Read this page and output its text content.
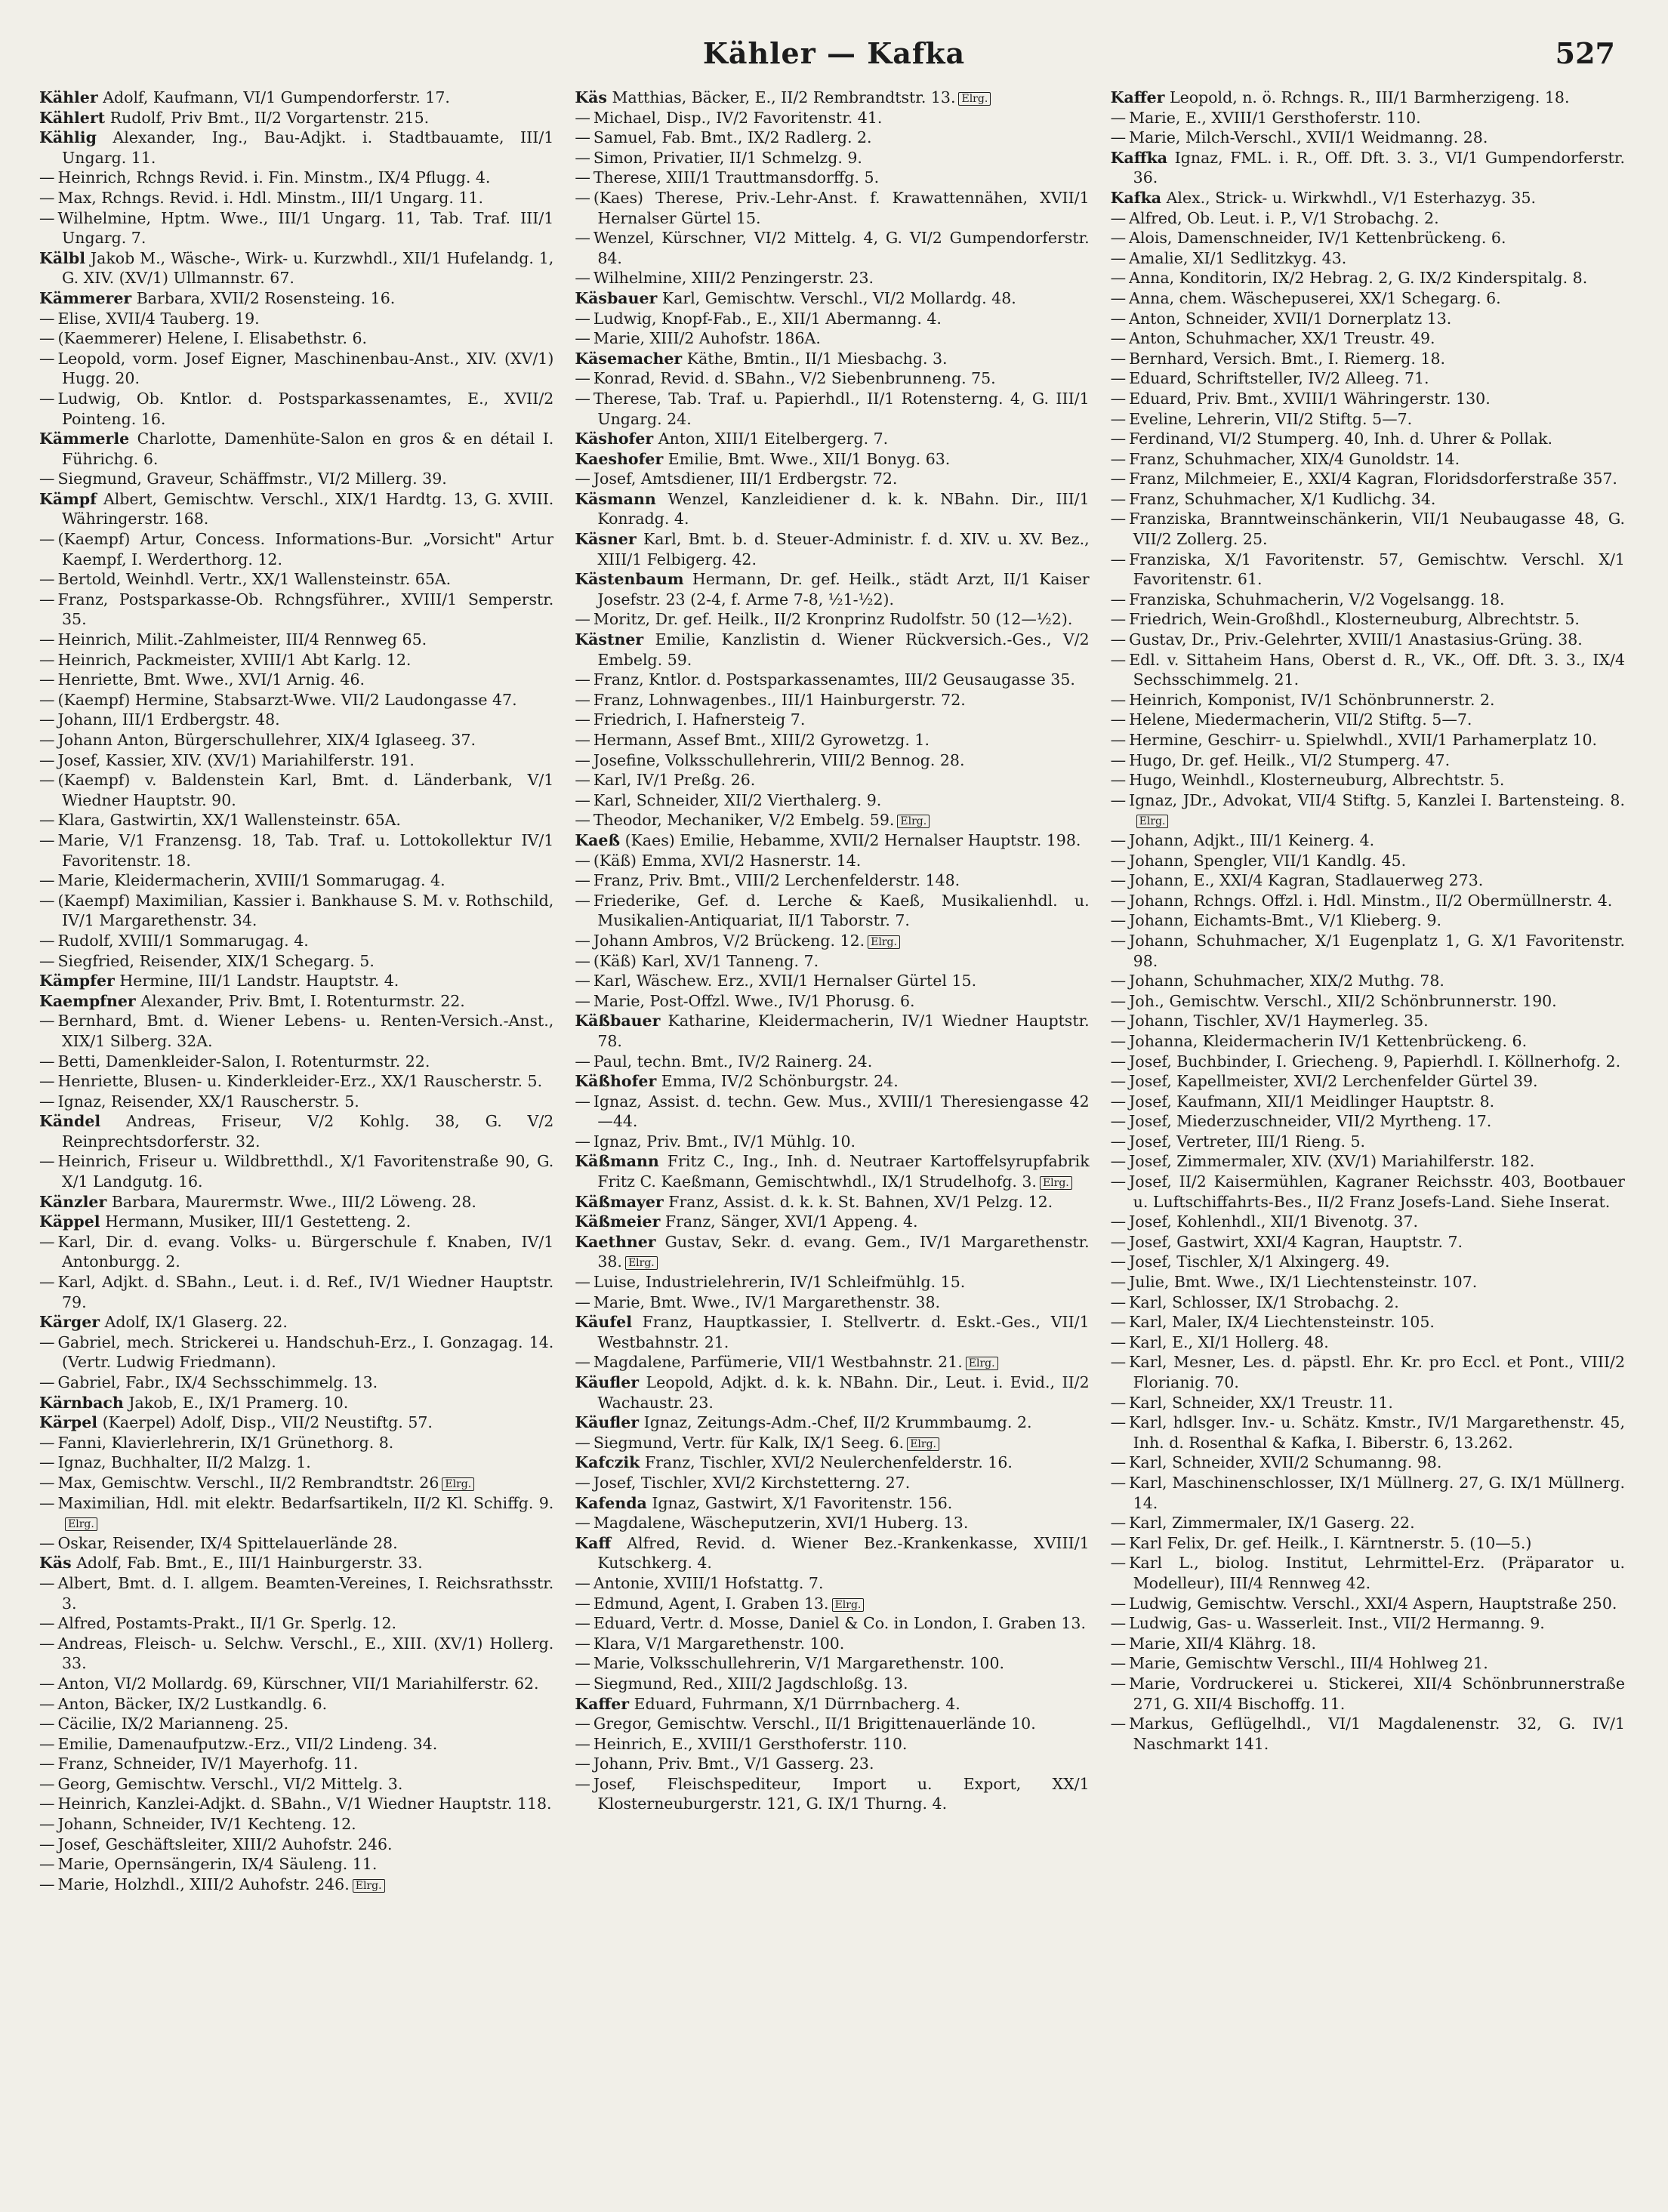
Kähler — Kafka	527
Kähler Adolf, Kaufmann, VI/1 Gumpendorferstr. 17.
Kählert Rudolf, Priv Bmt., II/2 Vorgartenstr. 215.
Kählig Alexander, Ing., Bau-Adjkt. i. Stadtbauamte, III/1 Ungarg. 11.
— Heinrich, Rchngs Revid. i. Fin. Minstm., IX/4 Pflugg. 4.
— Max, Rchngs. Revid. i. Hdl. Minstm., III/1 Ungarg. 11.
— Wilhelmine, Hptm. Wwe., III/1 Ungarg. 11, Tab. Traf. III/1 Ungarg. 7.
Kälbl Jakob M., Wäsche-, Wirk- u. Kurzwhdl., XII/1 Hufelandg. 1, G. XIV. (XV/1) Ullmannstr. 67.
Kämmerer Barbara, XVII/2 Rosensteing. 16.
— Elise, XVII/4 Tauberg. 19.
— (Kaemmerer) Helene, I. Elisabethstr. 6.
— Leopold, vorm. Josef Eigner, Maschinenbau-Anst., XIV. (XV/1) Hugg. 20.
— Ludwig, Ob. Kntlor. d. Postsparkassenamtes, E., XVII/2 Pointeng. 16.
Kämmerle Charlotte, Damenhüte-Salon en gros & en détail I. Führichg. 6.
— Siegmund, Graveur, Schäffmstr., VI/2 Millerg. 39.
Kämpf Albert, Gemischtw. Verschl., XIX/1 Hardtg. 13, G. XVIII. Währingerstr. 168.
— (Kaempf) Artur, Concess. Informations-Bur. „Vorsicht" Artur Kaempf, I. Werderthorg. 12.
— Bertold, Weinhdl. Vertr., XX/1 Wallensteinstr. 65A.
— Franz, Postsparkasse-Ob. Rchngsführer., XVIII/1 Semperstr. 35.
— Heinrich, Milit.-Zahlmeister, III/4 Rennweg 65.
— Heinrich, Packmeister, XVIII/1 Abt Karlg. 12.
— Henriette, Bmt. Wwe., XVI/1 Arnig. 46.
— (Kaempf) Hermine, Stabsarzt-Wwe. VII/2 Laudongasse 47.
— Johann, III/1 Erdbergstr. 48.
— Johann Anton, Bürgerschullehrer, XIX/4 Iglaseeg. 37.
— Josef, Kassier, XIV. (XV/1) Mariahilferstr. 191.
— (Kaempf) v. Baldenstein Karl, Bmt. d. Länderbank, V/1 Wiedner Hauptstr. 90.
— Klara, Gastwirtin, XX/1 Wallensteinstr. 65A.
— Marie, V/1 Franzensg. 18, Tab. Traf. u. Lottokollektur IV/1 Favoritenstr. 18.
— Marie, Kleidermacherin, XVIII/1 Sommarugag. 4.
— (Kaempf) Maximilian, Kassier i. Bankhause S. M. v. Rothschild, IV/1 Margarethenstr. 34.
— Rudolf, XVIII/1 Sommarugag. 4.
— Siegfried, Reisender, XIX/1 Schegarg. 5.
Kämpfer Hermine, III/1 Landstr. Hauptstr. 4.
Kaempfner Alexander, Priv. Bmt, I. Rotenturmstr. 22.
— Bernhard, Bmt. d. Wiener Lebens- u. Renten-Versich.-Anst., XIX/1 Silberg. 32A.
— Betti, Damenkleider-Salon, I. Rotenturmstr. 22.
— Henriette, Blusen- u. Kinderkleider-Erz., XX/1 Rauscherstr. 5.
— Ignaz, Reisender, XX/1 Rauscherstr. 5.
Kändel Andreas, Friseur, V/2 Kohlg. 38, G. V/2 Reinprechtsdorferstr. 32.
— Heinrich, Friseur u. Wildbretthdl., X/1 Favoritenstraße 90, G. X/1 Landgutg. 16.
Känzler Barbara, Maurermstr. Wwe., III/2 Löweng. 28.
Käppel Hermann, Musiker, III/1 Gestetteng. 2.
— Karl, Dir. d. evang. Volks- u. Bürgerschule f. Knaben, IV/1 Antonburgg. 2.
— Karl, Adjkt. d. SBahn., Leut. i. d. Ref., IV/1 Wiedner Hauptstr. 79.
Kärger Adolf, IX/1 Glaserg. 22.
— Gabriel, mech. Strickerei u. Handschuh-Erz., I. Gonzagag. 14. (Vertr. Ludwig Friedmann).
— Gabriel, Fabr., IX/4 Sechsschimmelg. 13.
Kärnbach Jakob, E., IX/1 Pramerg. 10.
Kärpel (Kaerpel) Adolf, Disp., VII/2 Neustiftg. 57.
— Fanni, Klavierlehrerin, IX/1 Grünethorg. 8.
— Ignaz, Buchhalter, II/2 Malzg. 1.
— Max, Gemischtw. Verschl., II/2 Rembrandtstr. 26 Elrg.
— Maximilian, Hdl. mit elektr. Bedarfsartikeln, II/2 Kl. Schiffg. 9.Elrg.
— Oskar, Reisender, IX/4 Spittelauerlände 28.
Käs Adolf, Fab. Bmt., E., III/1 Hainburgerstr. 33.
— Albert, Bmt. d. I. allgem. Beamten-Vereines, I. Reichsrathsstr. 3.
— Alfred, Postamts-Prakt., II/1 Gr. Sperlg. 12.
— Andreas, Fleisch- u. Selchw. Verschl., E., XIII. (XV/1) Hollerg. 33.
— Anton, VI/2 Mollardg. 69, Kürschner, VII/1 Mariahilferstr. 62.
— Anton, Bäcker, IX/2 Lustkandlg. 6.
— Cäcilie, IX/2 Marianneng. 25.
— Emilie, Damenaufputzw.-Erz., VII/2 Lindeng. 34.
— Franz, Schneider, IV/1 Mayerhofg. 11.
— Georg, Gemischtw. Verschl., VI/2 Mittelg. 3.
— Heinrich, Kanzlei-Adjkt. d. SBahn., V/1 Wiedner Hauptstr. 118.
— Johann, Schneider, IV/1 Kechteng. 12.
— Josef, Geschäftsleiter, XIII/2 Auhofstr. 246.
— Marie, Opernsängerin, IX/4 Säuleng. 11.
— Marie, Holzhdl., XIII/2 Auhofstr. 246. Elrg.
Käs Matthias, Bäcker, E., II/2 Rembrandtstr. 13. Elrg.
— Michael, Disp., IV/2 Favoritenstr. 41.
— Samuel, Fab. Bmt., IX/2 Radlerg. 2.
— Simon, Privatier, II/1 Schmelzg. 9.
— Therese, XIII/1 Trauttmansdorffg. 5.
— (Kaes) Therese, Priv.-Lehr-Anst. f. Krawattennähen, XVII/1 Hernalser Gürtel 15.
— Wenzel, Kürschner, VI/2 Mittelg. 4, G. VI/2 Gumpendorferstr. 84.
— Wilhelmine, XIII/2 Penzingerstr. 23.
Käsbauer Karl, Gemischtw. Verschl., VI/2 Mollardg. 48.
— Ludwig, Knopf-Fab., E., XII/1 Abermanng. 4.
— Marie, XIII/2 Auhofstr. 186A.
Käsemacher Käthe, Bmtin., II/1 Miesbachg. 3.
— Konrad, Revid. d. SBahn., V/2 Siebenbrunneng. 75.
— Therese, Tab. Traf. u. Papierhdl., II/1 Rotensterng. 4, G. III/1 Ungarg. 24.
Käshofer Anton, XIII/1 Eitelbergerg. 7.
Kaeshofer Emilie, Bmt. Wwe., XII/1 Bonyg. 63.
— Josef, Amtsdiener, III/1 Erdbergstr. 72.
Käsmann Wenzel, Kanzleidiener d. k. k. NBahn. Dir., III/1 Konradg. 4.
Käsner Karl, Bmt. b. d. Steuer-Administr. f. d. XIV. u. XV. Bez., XIII/1 Felbigerg. 42.
Kästenbaum Hermann, Dr. gef. Heilk., städt Arzt, II/1 Kaiser Josefstr. 23 (2-4, f. Arme 7-8, ½1-½2).
— Moritz, Dr. gef. Heilk., II/2 Kronprinz Rudolfstr. 50 (12—½2).
Kästner Emilie, Kanzlistin d. Wiener Rückversich.-Ges., V/2 Embelg. 59.
— Franz, Kntlor. d. Postsparkassenamtes, III/2 Geusaugasse 35.
— Franz, Lohnwagenbes., III/1 Hainburgerstr. 72.
— Friedrich, I. Hafnersteig 7.
— Hermann, Assef Bmt., XIII/2 Gyrowetzg. 1.
— Josefine, Volksschullehrerin, VIII/2 Bennog. 28.
— Karl, IV/1 Preßg. 26.
— Karl, Schneider, XII/2 Vierthalerg. 9.
— Theodor, Mechaniker, V/2 Embelg. 59. Elrg.
Kaeß (Kaes) Emilie, Hebamme, XVII/2 Hernalser Hauptstr. 198.
— (Käß) Emma, XVI/2 Hasnerstr. 14.
— Franz, Priv. Bmt., VIII/2 Lerchenfelderstr. 148.
— Friederike, Gef. d. Lerche & Kaeß, Musikalienhdl. u. Musikalien-Antiquariat, II/1 Taborstr. 7.
— Johann Ambros, V/2 Brückeng. 12. Elrg.
— (Käß) Karl, XV/1 Tanneng. 7.
— Karl, Wäschew. Erz., XVII/1 Hernalser Gürtel 15.
— Marie, Post-Offzl. Wwe., IV/1 Phorusg. 6.
Käßbauer Katharine, Kleidermacherin, IV/1 Wiedner Hauptstr. 78.
— Paul, techn. Bmt., IV/2 Rainerg. 24.
Käßhofer Emma, IV/2 Schönburgstr. 24.
— Ignaz, Assist. d. techn. Gew. Mus., XVIII/1 Theresiengasse 42—44.
— Ignaz, Priv. Bmt., IV/1 Mühlg. 10.
Käßmann Fritz C., Ing., Inh. d. Neutraer Kartoffelsyrupfabrik Fritz C. Kaeßmann, Gemischtwhdl., IX/1 Strudelhofg. 3. Elrg.
Käßmayer Franz, Assist. d. k. k. St. Bahnen, XV/1 Pelzg. 12.
Käßmeier Franz, Sänger, XVI/1 Appeng. 4.
Kaethner Gustav, Sekr. d. evang. Gem., IV/1 Margarethenstr. 38. Elrg.
— Luise, Industrielehrerin, IV/1 Schleifmühlg. 15.
— Marie, Bmt. Wwe., IV/1 Margarethenstr. 38.
Käufel Franz, Hauptkassier, I. Stellvertr. d. Eskt.-Ges., VII/1 Westbahnstr. 21.
— Magdalene, Parfümerie, VII/1 Westbahnstr. 21. Elrg.
Käufler Leopold, Adjkt. d. k. k. NBahn. Dir., Leut. i. Evid., II/2 Wachaustr. 23.
Käufler Ignaz, Zeitungs-Adm.-Chef, II/2 Krummbaumg. 2.
— Siegmund, Vertr. für Kalk, IX/1 Seeg. 6. Elrg.
Kafczik Franz, Tischler, XVI/2 Neulerchenfelderstr. 16.
— Josef, Tischler, XVI/2 Kirchstetterng. 27.
Kafenda Ignaz, Gastwirt, X/1 Favoritenstr. 156.
— Magdalene, Wäscheputzerin, XVI/1 Huberg. 13.
Kaff Alfred, Revid. d. Wiener Bez.-Krankenkasse, XVIII/1 Kutschkerg. 4.
— Antonie, XVIII/1 Hofstattg. 7.
— Edmund, Agent, I. Graben 13. Elrg.
— Eduard, Vertr. d. Mosse, Daniel & Co. in London, I. Graben 13.
— Klara, V/1 Margarethenstr. 100.
— Marie, Volksschullehrerin, V/1 Margarethenstr. 100.
— Siegmund, Red., XIII/2 Jagdschloßg. 13.
Kaffer Eduard, Fuhrmann, X/1 Dürrnbacherg. 4.
— Gregor, Gemischtw. Verschl., II/1 Brigittenauerlände 10.
— Heinrich, E., XVIII/1 Gersthoferstr. 110.
— Johann, Priv. Bmt., V/1 Gasserg. 23.
— Josef, Fleischspediteur, Import u. Export, XX/1 Klosterneuburgerstr. 121, G. IX/1 Thurng. 4.
Kaffer Leopold, n. ö. Rchngs. R., III/1 Barmherzigeng. 18.
— Marie, E., XVIII/1 Gersthoferstr. 110.
— Marie, Milch-Verschl., XVII/1 Weidmanng. 28.
Kaffka Ignaz, FML. i. R., Off. Dft. 3. 3., VI/1 Gumpendorferstr. 36.
Kafka Alex., Strick- u. Wirkwhdl., V/1 Esterhazyg. 35.
— Alfred, Ob. Leut. i. P., V/1 Strobachg. 2.
— Alois, Damenschneider, IV/1 Kettenbrückeng. 6.
— Amalie, XI/1 Sedlitzkyg. 43.
— Anna, Konditorin, IX/2 Hebrag. 2, G. IX/2 Kinderspitalg. 8.
— Anna, chem. Wäschepuserei, XX/1 Schegarg. 6.
— Anton, Schneider, XVII/1 Dornerplatz 13.
— Anton, Schuhmacher, XX/1 Treustr. 49.
— Bernhard, Versich. Bmt., I. Riemerg. 18.
— Eduard, Schriftsteller, IV/2 Alleeg. 71.
— Eduard, Priv. Bmt., XVIII/1 Währingerstr. 130.
— Eveline, Lehrerin, VII/2 Stiftg. 5—7.
— Ferdinand, VI/2 Stumperg. 40, Inh. d. Uhrer & Pollak.
— Franz, Schuhmacher, XIX/4 Gunoldstr. 14.
— Franz, Milchmeier, E., XXI/4 Kagran, Floridsdorferstraße 357.
— Franz, Schuhmacher, X/1 Kudlichg. 34.
— Franziska, Branntweinschänkerin, VII/1 Neubaugasse 48, G. VII/2 Zollerg. 25.
— Franziska, X/1 Favoritenstr. 57, Gemischtw. Verschl. X/1 Favoritenstr. 61.
— Franziska, Schuhmacherin, V/2 Vogelsangg. 18.
— Friedrich, Wein-Großhdl., Klosterneuburg, Albrechtstr. 5.
— Gustav, Dr., Priv.-Gelehrter, XVIII/1 Anastasius-Grüng. 38.
— Edl. v. Sittaheim Hans, Oberst d. R., VK., Off. Dft. 3. 3., IX/4 Sechsschimmelg. 21.
— Heinrich, Komponist, IV/1 Schönbrunnerstr. 2.
— Helene, Miedermacherin, VII/2 Stiftg. 5—7.
— Hermine, Geschirr- u. Spielwhdl., XVII/1 Parhamerplatz 10.
— Hugo, Dr. gef. Heilk., VI/2 Stumperg. 47.
— Hugo, Weinhdl., Klosterneuburg, Albrechtstr. 5.
— Ignaz, JDr., Advokat, VII/4 Stiftg. 5, Kanzlei I. Bartensteing. 8.Elrg.
— Johann, Adjkt., III/1 Keinerg. 4.
— Johann, Spengler, VII/1 Kandlg. 45.
— Johann, E., XXI/4 Kagran, Stadlauerweg 273.
— Johann, Rchngs. Offzl. i. Hdl. Minstm., II/2 Obermüllnerstr. 4.
— Johann, Eichamts-Bmt., V/1 Klieberg. 9.
— Johann, Schuhmacher, X/1 Eugenplatz 1, G. X/1 Favoritenstr. 98.
— Johann, Schuhmacher, XIX/2 Muthg. 78.
— Joh., Gemischtw. Verschl., XII/2 Schönbrunnerstr. 190.
— Johann, Tischler, XV/1 Haymerleg. 35.
— Johanna, Kleidermacherin IV/1 Kettenbrückeng. 6.
— Josef, Buchbinder, I. Griecheng. 9, Papierhdl. I. Köllnerhofg. 2.
— Josef, Kapellmeister, XVI/2 Lerchenfelder Gürtel 39.
— Josef, Kaufmann, XII/1 Meidlinger Hauptstr. 8.
— Josef, Miederzuschneider, VII/2 Myrtheng. 17.
— Josef, Vertreter, III/1 Rieng. 5.
— Josef, Zimmermaler, XIV. (XV/1) Mariahilferstr. 182.
— Josef, II/2 Kaisermühlen, Kagraner Reichsstr. 403, Bootbauer u. Luftschiffahrts-Bes., II/2 Franz Josefs-Land. Siehe Inserat.
— Josef, Kohlenhdl., XII/1 Bivenotg. 37.
— Josef, Gastwirt, XXI/4 Kagran, Hauptstr. 7.
— Josef, Tischler, X/1 Alxingerg. 49.
— Julie, Bmt. Wwe., IX/1 Liechtensteinstr. 107.
— Karl, Schlosser, IX/1 Strobachg. 2.
— Karl, Maler, IX/4 Liechtensteinstr. 105.
— Karl, E., XI/1 Hollerg. 48.
— Karl, Mesner, Les. d. päpstl. Ehr. Kr. pro Eccl. et Pont., VIII/2 Florianig. 70.
— Karl, Schneider, XX/1 Treustr. 11.
— Karl, hdlsger. Inv.- u. Schätz. Kmstr., IV/1 Margarethenstr. 45, Inh. d. Rosenthal & Kafka, I. Biberstr. 6, 13.262.
— Karl, Schneider, XVII/2 Schumanng. 98.
— Karl, Maschinenschlosser, IX/1 Müllnerg. 27, G. IX/1 Müllnerg. 14.
— Karl, Zimmermaler, IX/1 Gaserg. 22.
— Karl Felix, Dr. gef. Heilk., I. Kärntnerstr. 5. (10—5.)
— Karl L., biolog. Institut, Lehrmittel-Erz. (Präparator u. Modelleur), III/4 Rennweg 42.
— Ludwig, Gemischtw. Verschl., XXI/4 Aspern, Hauptstraße 250.
— Ludwig, Gas- u. Wasserleit. Inst., VII/2 Hermanng. 9.
— Marie, XII/4 Klährg. 18.
— Marie, Gemischtw Verschl., III/4 Hohlweg 21.
— Marie, Vordruckerei u. Stickerei, XII/4 Schönbrunnerstraße 271, G. XII/4 Bischoffg. 11.
— Markus, Geflügelhdl., VI/1 Magdalenenstr. 32, G. IV/1 Naschmarkt 141.
